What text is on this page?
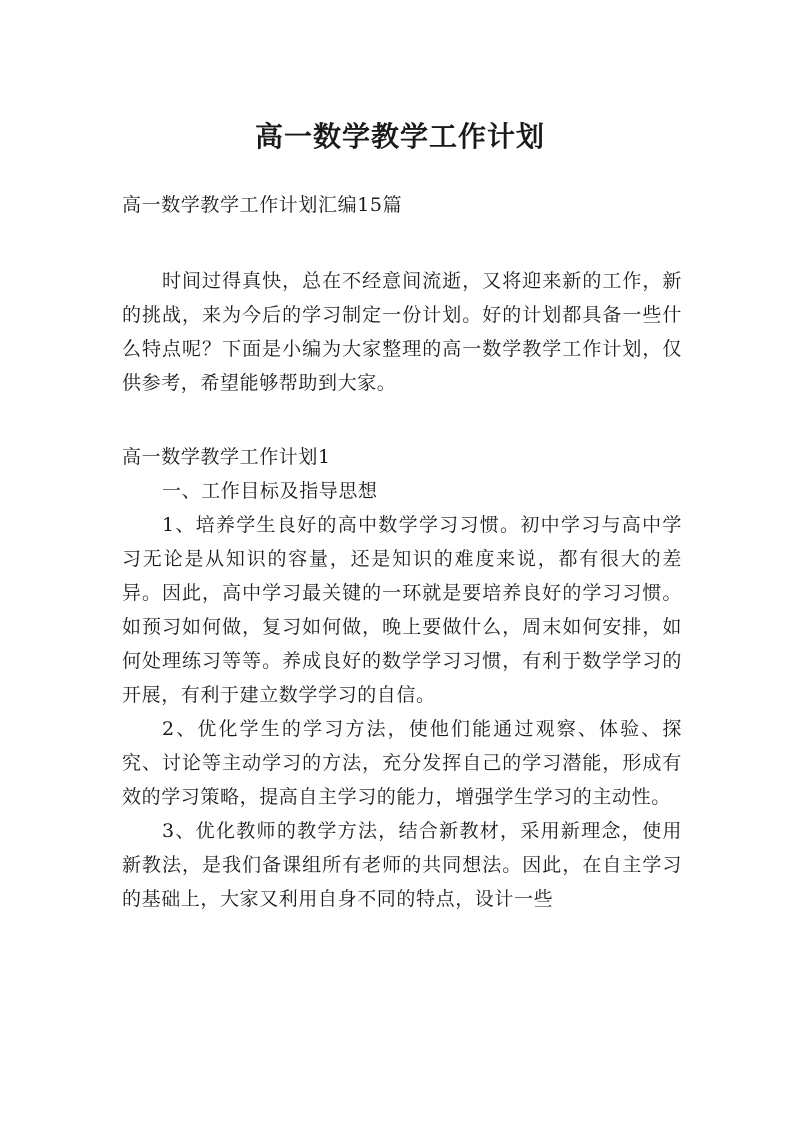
高一数学教学工作计划

高一数学教学工作计划汇编15篇

时间过得真快，总在不经意间流逝，又将迎来新的工作，新的挑战，来为今后的学习制定一份计划。好的计划都具备一些什么特点呢？下面是小编为大家整理的高一数学教学工作计划，仅供参考，希望能够帮助到大家。

高一数学教学工作计划1

一、工作目标及指导思想

1、培养学生良好的高中数学学习习惯。初中学习与高中学习无论是从知识的容量，还是知识的难度来说，都有很大的差异。因此，高中学习最关键的一环就是要培养良好的学习习惯。如预习如何做，复习如何做，晚上要做什么，周末如何安排，如何处理练习等等。养成良好的数学学习习惯，有利于数学学习的开展，有利于建立数学学习的自信。

2、优化学生的学习方法，使他们能通过观察、体验、探究、讨论等主动学习的方法，充分发挥自己的学习潜能，形成有效的学习策略，提高自主学习的能力，增强学生学习的主动性。

3、优化教师的教学方法，结合新教材，采用新理念，使用新教法，是我们备课组所有老师的共同想法。因此，在自主学习的基础上，大家又利用自身不同的特点，设计一些
